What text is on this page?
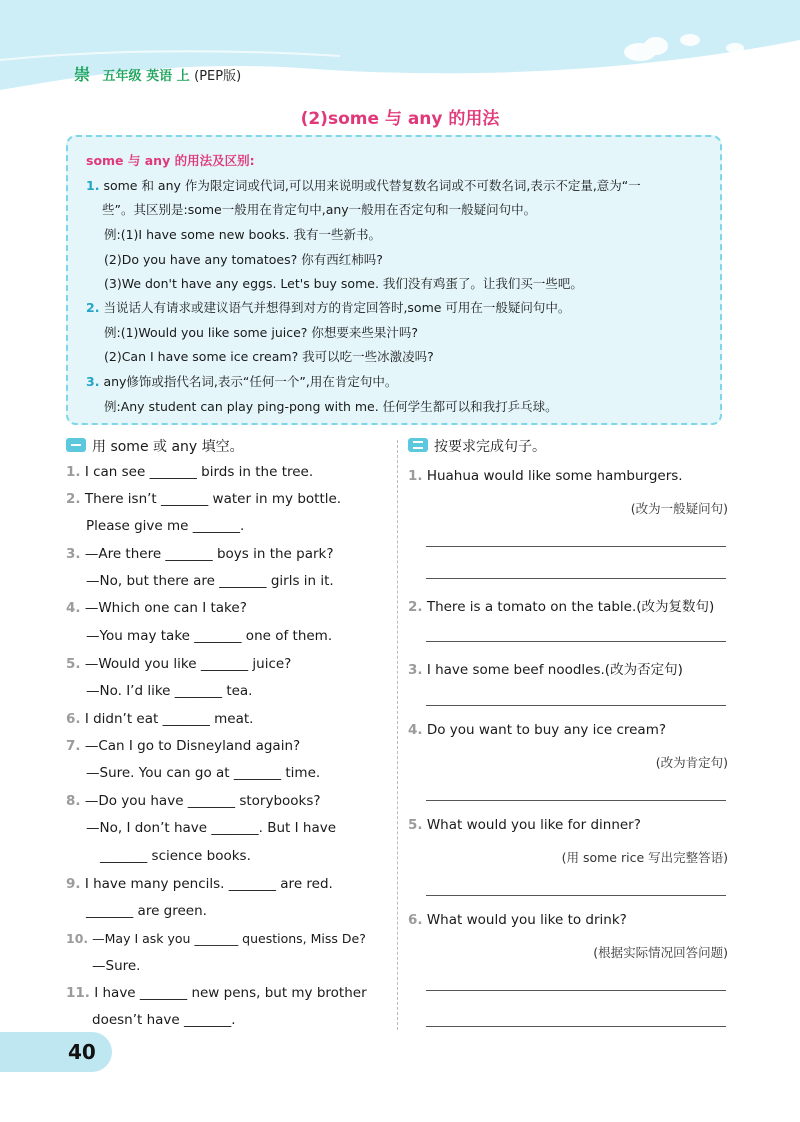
崇 五年级 英语 上 (PEP版)
(2)some 与 any 的用法
some 与 any 的用法及区别:
1. some 和 any 作为限定词或代词,可以用来说明或代替复数名词或不可数名词,表示不定量,意为“一
些”。其区别是:some一般用在肯定句中,any一般用在否定句和一般疑问句中。
例:(1)I have some new books. 我有一些新书。
(2)Do you have any tomatoes? 你有西红柿吗?
(3)We don't have any eggs. Let's buy some. 我们没有鸡蛋了。让我们买一些吧。
2. 当说话人有请求或建议语气并想得到对方的肯定回答时,some 可用在一般疑问句中。
例:(1)Would you like some juice? 你想要来些果汁吗?
(2)Can I have some ice cream? 我可以吃一些冰激凌吗?
3. any修饰或指代名词,表示“任何一个”,用在肯定句中。
例:Any student can play ping-pong with me. 任何学生都可以和我打乒乓球。
用 some 或 any 填空。
1. I can see _______ birds in the tree.
2. There isn’t _______ water in my bottle.
Please give me _______.
3. —Are there _______ boys in the park?
—No, but there are _______ girls in it.
4. —Which one can I take?
—You may take _______ one of them.
5. —Would you like _______ juice?
—No. I’d like _______ tea.
6. I didn’t eat _______ meat.
7. —Can I go to Disneyland again?
—Sure. You can go at _______ time.
8. —Do you have _______ storybooks?
—No, I don’t have _______. But I have
_______ science books.
9. I have many pencils. _______ are red.
_______ are green.
10. —May I ask you _______ questions, Miss De?
—Sure.
11. I have _______ new pens, but my brother
doesn’t have _______.
按要求完成句子。
1. Huahua would like some hamburgers.
(改为一般疑问句)
2. There is a tomato on the table.(改为复数句)
3. I have some beef noodles.(改为否定句)
4. Do you want to buy any ice cream?
(改为肯定句)
5. What would you like for dinner?
(用 some rice 写出完整答语)
6. What would you like to drink?
(根据实际情况回答问题)
40
